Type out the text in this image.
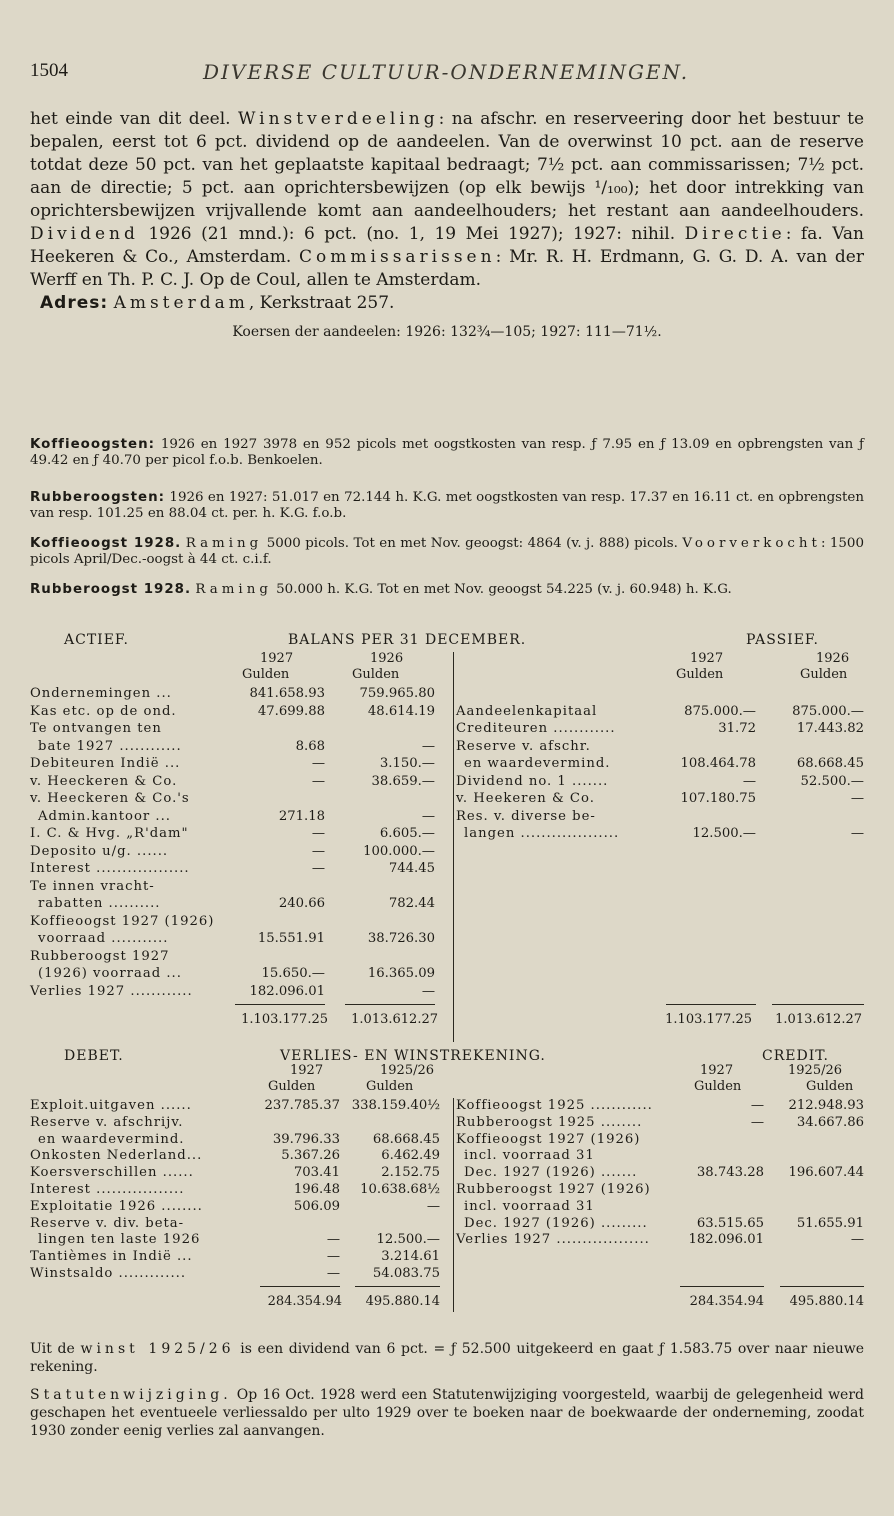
1504	DIVERSE CULTUUR-ONDERNEMINGEN.

het einde van dit deel. Winstverdeeling: na afschr. en reserveering door het bestuur te bepalen, eerst tot 6 pct. dividend op de aandeelen. Van de overwinst 10 pct. aan de reserve totdat deze 50 pct. van het geplaatste kapitaal bedraagt; 7½ pct. aan commissarissen; 7½ pct. aan de directie; 5 pct. aan oprichtersbewijzen (op elk bewijs ¹/₁₀₀); het door intrekking van oprichtersbewijzen vrijvallende komt aan aandeelhouders; het restant aan aandeelhouders. Dividend 1926 (21 mnd.): 6 pct. (no. 1, 19 Mei 1927); 1927: nihil. Directie: fa. Van Heekeren & Co., Amsterdam. Commissarissen: Mr. R. H. Erdmann, G. G. D. A. van der Werff en Th. P. C. J. Op de Coul, allen te Amsterdam.

Adres: Amsterdam, Kerkstraat 257.

Koersen der aandeelen: 1926: 132¾—105; 1927: 111—71½.

Koffieoogsten: 1926 en 1927 3978 en 952 picols met oogstkosten van resp. ƒ 7.95 en ƒ 13.09 en opbrengsten van ƒ 49.42 en ƒ 40.70 per picol f.o.b. Benkoelen.
Rubberoogsten: 1926 en 1927: 51.017 en 72.144 h. K.G. met oogstkosten van resp. 17.37 en 16.11 ct. en opbrengsten van resp. 101.25 en 88.04 ct. per. h. K.G. f.o.b.
Koffieoogst 1928. Raming 5000 picols. Tot en met Nov. geoogst: 4864 (v. j. 888) picols. Voorverkocht: 1500 picols April/Dec.-oogst à 44 ct. c.i.f.
Rubberoogst 1928. Raming 50.000 h. K.G. Tot en met Nov. geoogst 54.225 (v. j. 60.948) h. K.G.
ACTIEF.	BALANS PER 31 DECEMBER.	PASSIEF.
1927	1926	1927	1926
Gulden	Gulden	Gulden	Gulden
Ondernemingen ...	841.658.93	759.965.80
Kas etc. op de ond.	47.699.88	48.614.19
Te ontvangen ten
bate 1927 ............	8.68	—
Debiteuren Indië ...	—	3.150.—
v. Heeckeren & Co.	—	38.659.—
v. Heeckeren & Co.'s
Admin.kantoor ...	271.18	—
I. C. & Hvg. „R'dam"	—	6.605.—
Deposito u/g. ......	—	100.000.—
Interest ..................	—	744.45
Te innen vracht-
rabatten ..........	240.66	782.44
Koffieoogst 1927 (1926)
voorraad ...........	15.551.91	38.726.30
Rubberoogst 1927
(1926) voorraad ...	15.650.—	16.365.09
Verlies 1927 ............	182.096.01	—
Aandeelenkapitaal	875.000.—	875.000.—
Crediteuren ............	31.72	17.443.82
Reserve v. afschr.
en waardevermind.	108.464.78	68.668.45
Dividend no. 1 .......	—	52.500.—
v. Heekeren & Co.	107.180.75	—
Res. v. diverse be-
langen ...................	12.500.—	—
1.103.177.25	1.013.612.27	1.103.177.25	1.013.612.27
DEBET.	VERLIES- EN WINSTREKENING.	CREDIT.
1927	1925/26	1927	1925/26
Gulden	Gulden	Gulden	Gulden
Exploit.uitgaven ......	237.785.37 338.159.40½
Reserve v. afschrijv.
en waardevermind.	39.796.33	68.668.45
Onkosten Nederland...	5.367.26	6.462.49
Koersverschillen ......	703.41	2.152.75
Interest .................	196.48	10.638.68½
Exploitatie 1926 ........	506.09	—
Reserve v. div. beta-
lingen ten laste 1926	—	12.500.—
Tantièmes in Indië ...	—	3.214.61
Winstsaldo .............	—	54.083.75
Koffieoogst 1925 ............	—	212.948.93
Rubberoogst 1925 ........	—	34.667.86
Koffieoogst 1927 (1926)
incl. voorraad 31
Dec. 1927 (1926) .......	38.743.28	196.607.44
Rubberoogst 1927 (1926)
incl. voorraad 31
Dec. 1927 (1926) .........	63.515.65	51.655.91
Verlies 1927 ..................	182.096.01	—
284.354.94	495.880.14	284.354.94	495.880.14
Uit de winst 1925/26 is een dividend van 6 pct. = ƒ 52.500 uitgekeerd en gaat ƒ 1.583.75 over naar nieuwe rekening.
Statutenwijziging. Op 16 Oct. 1928 werd een Statutenwijziging voorgesteld, waarbij de gelegenheid werd geschapen het eventueele verliessaldo per ulto 1929 over te boeken naar de boekwaarde der onderneming, zoodat 1930 zonder eenig verlies zal aanvangen.
